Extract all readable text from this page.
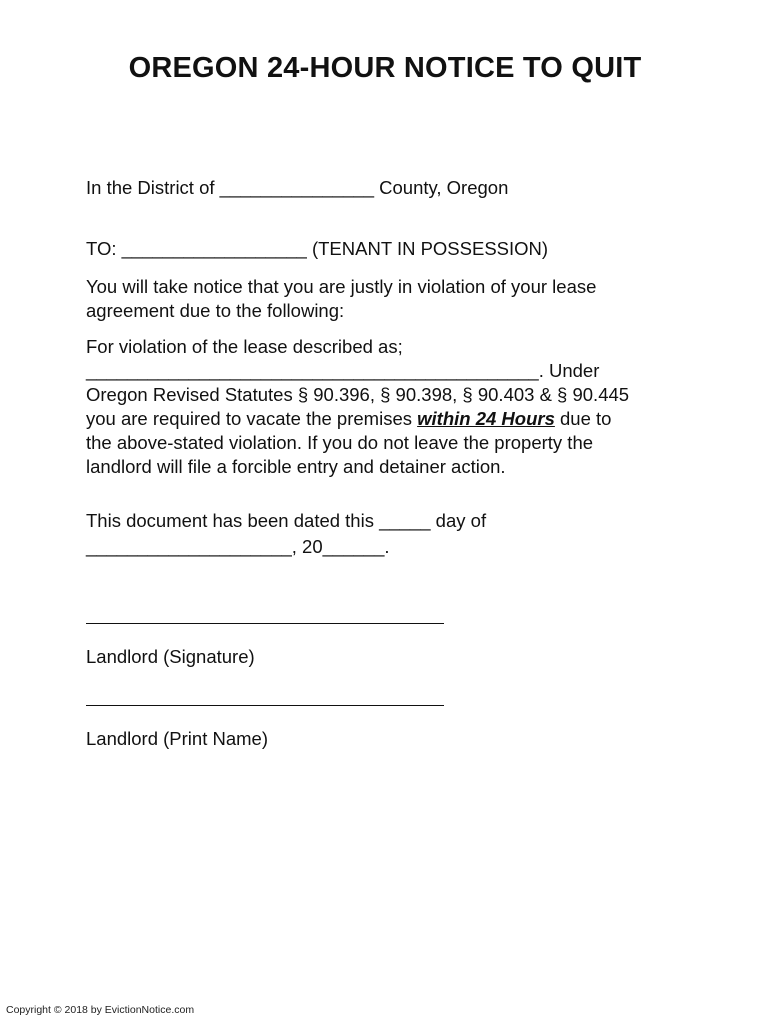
OREGON 24-HOUR NOTICE TO QUIT
In the District of _______________ County, Oregon
TO: __________________ (TENANT IN POSSESSION)
You will take notice that you are justly in violation of your lease
agreement due to the following:
For violation of the lease described as;
____________________________________________. Under
Oregon Revised Statutes § 90.396, § 90.398, § 90.403 & § 90.445
you are required to vacate the premises within 24 Hours due to
the above-stated violation. If you do not leave the property the
landlord will file a forcible entry and detainer action.
This document has been dated this _____ day of
____________________, 20______.
Landlord (Signature)
Landlord (Print Name)
Copyright © 2018 by EvictionNotice.com
